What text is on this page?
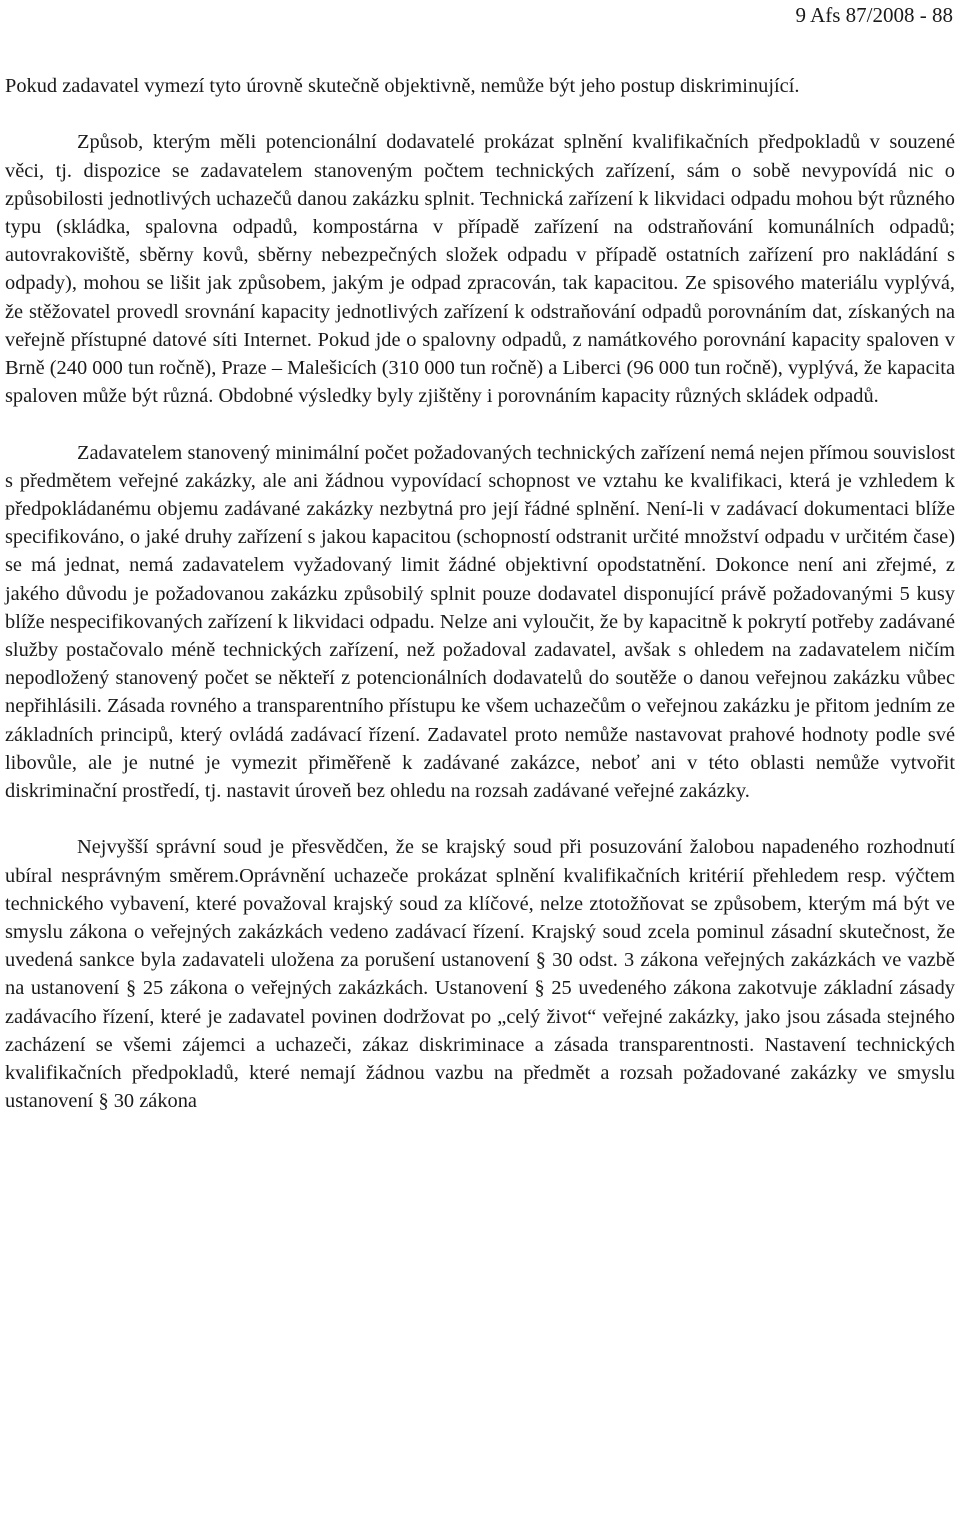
9 Afs 87/2008 - 88

Pokud zadavatel vymezí tyto úrovně skutečně objektivně, nemůže být jeho postup diskriminující.

Způsob, kterým měli potencionální dodavatelé prokázat splnění kvalifikačních předpokladů v souzené věci, tj. dispozice se zadavatelem stanoveným počtem technických zařízení, sám o sobě nevypovídá nic o způsobilosti jednotlivých uchazečů danou zakázku splnit. Technická zařízení k likvidaci odpadu mohou být různého typu (skládka, spalovna odpadů, kompostárna v případě zařízení na odstraňování komunálních odpadů; autovrakoviště, sběrny kovů, sběrny nebezpečných složek odpadu v případě ostatních zařízení pro nakládání s odpady), mohou se lišit jak způsobem, jakým je odpad zpracován, tak kapacitou. Ze spisového materiálu vyplývá, že stěžovatel provedl srovnání kapacity jednotlivých zařízení k odstraňování odpadů porovnáním dat, získaných na veřejně přístupné datové síti Internet. Pokud jde o spalovny odpadů, z namátkového porovnání kapacity spaloven v Brně (240 000 tun ročně), Praze – Malešicích (310 000 tun ročně) a Liberci (96 000 tun ročně), vyplývá, že kapacita spaloven může být různá. Obdobné výsledky byly zjištěny i porovnáním kapacity různých skládek odpadů.

Zadavatelem stanovený minimální počet požadovaných technických zařízení nemá nejen přímou souvislost s předmětem veřejné zakázky, ale ani žádnou vypovídací schopnost ve vztahu ke kvalifikaci, která je vzhledem k předpokládanému objemu zadávané zakázky nezbytná pro její řádné splnění. Není-li v zadávací dokumentaci blíže specifikováno, o jaké druhy zařízení s jakou kapacitou (schopností odstranit určité množství odpadu v určitém čase) se má jednat, nemá zadavatelem vyžadovaný limit žádné objektivní opodstatnění. Dokonce není ani zřejmé, z jakého důvodu je požadovanou zakázku způsobilý splnit pouze dodavatel disponující právě požadovanými 5 kusy blíže nespecifikovaných zařízení k likvidaci odpadu. Nelze ani vyloučit, že by kapacitně k pokrytí potřeby zadávané služby postačovalo méně technických zařízení, než požadoval zadavatel, avšak s ohledem na zadavatelem ničím nepodložený stanovený počet se někteří z potencionálních dodavatelů do soutěže o danou veřejnou zakázku vůbec nepřihlásili. Zásada rovného a transparentního přístupu ke všem uchazečům o veřejnou zakázku je přitom jedním ze základních principů, který ovládá zadávací řízení. Zadavatel proto nemůže nastavovat prahové hodnoty podle své libovůle, ale je nutné je vymezit přiměřeně k zadávané zakázce, neboť ani v této oblasti nemůže vytvořit diskriminační prostředí, tj. nastavit úroveň bez ohledu na rozsah zadávané veřejné zakázky.

Nejvyšší správní soud je přesvědčen, že se krajský soud při posuzování žalobou napadeného rozhodnutí ubíral nesprávným směrem.Oprávnění uchazeče prokázat splnění kvalifikačních kritérií přehledem resp. výčtem technického vybavení, které považoval krajský soud za klíčové, nelze ztotožňovat se způsobem, kterým má být ve smyslu zákona o veřejných zakázkách vedeno zadávací řízení. Krajský soud zcela pominul zásadní skutečnost, že uvedená sankce byla zadavateli uložena za porušení ustanovení § 30 odst. 3 zákona veřejných zakázkách ve vazbě na ustanovení § 25 zákona o veřejných zakázkách. Ustanovení § 25 uvedeného zákona zakotvuje základní zásady zadávacího řízení, které je zadavatel povinen dodržovat po „celý život“ veřejné zakázky, jako jsou zásada stejného zacházení se všemi zájemci a uchazeči, zákaz diskriminace a zásada transparentnosti. Nastavení technických kvalifikačních předpokladů, které nemají žádnou vazbu na předmět a rozsah požadované zakázky ve smyslu ustanovení § 30 zákona
